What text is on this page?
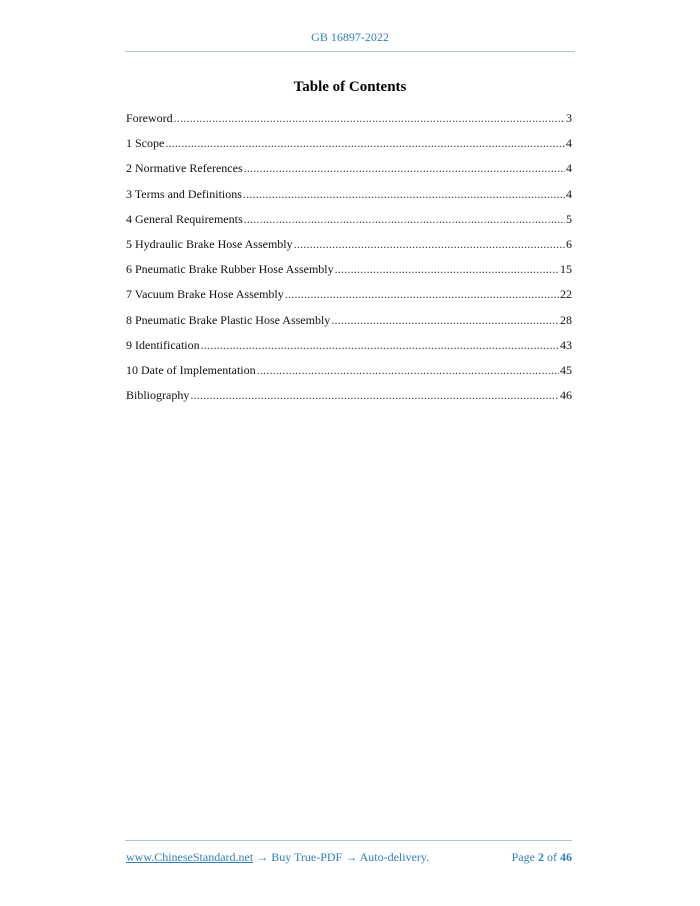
GB 16897-2022
Table of Contents
Foreword .....	3
1 Scope .....	4
2 Normative References .....	4
3 Terms and Definitions .....	4
4 General Requirements .....	5
5 Hydraulic Brake Hose Assembly .....	6
6 Pneumatic Brake Rubber Hose Assembly .....	15
7 Vacuum Brake Hose Assembly .....	22
8 Pneumatic Brake Plastic Hose Assembly .....	28
9 Identification .....	43
10 Date of Implementation .....	45
Bibliography .....	46
www.ChineseStandard.net → Buy True-PDF → Auto-delivery.	Page 2 of 46
